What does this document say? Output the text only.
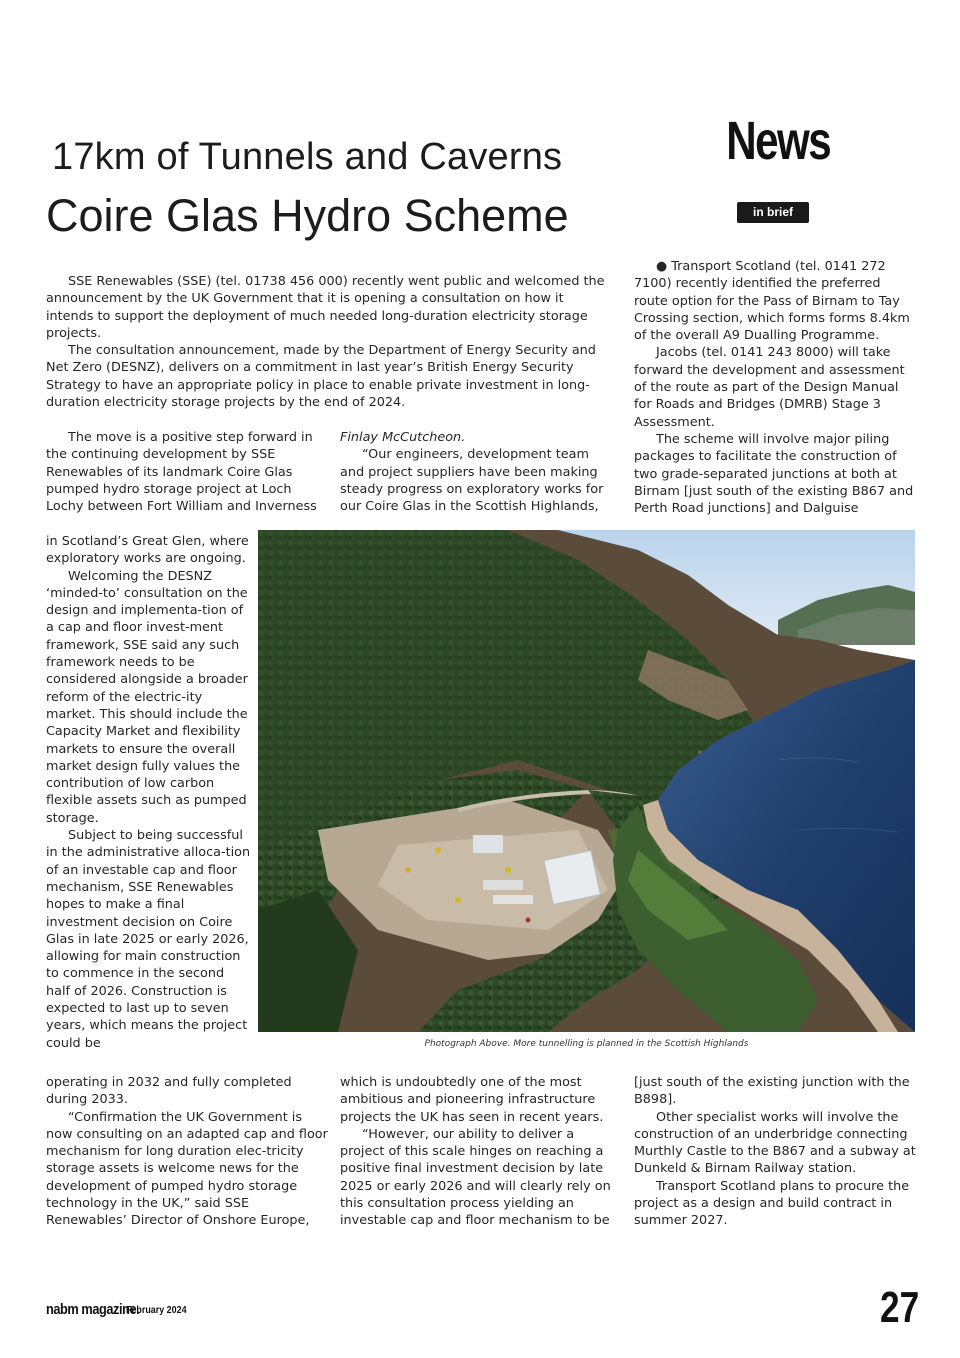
17km of Tunnels and Caverns
Coire Glas Hydro Scheme
News
in brief

SSE Renewables (SSE) (tel. 01738 456 000) recently went public and welcomed the announcement by the UK Government that it is opening a consultation on how it intends to support the deployment of much needed long-duration electricity storage projects.

The consultation announcement, made by the Department of Energy Security and Net Zero (DESNZ), delivers on a commitment in last year’s British Energy Security Strategy to have an appropriate policy in place to enable private investment in long-duration electricity storage projects by the end of 2024.

The move is a positive step forward in the continuing development by SSE Renewables of its landmark Coire Glas pumped hydro storage project at Loch Lochy between Fort William and Inverness

in Scotland’s Great Glen, where exploratory works are ongoing.

Welcoming the DESNZ ‘minded-to’ consultation on the design and implementa-tion of a cap and floor invest-ment framework, SSE said any such framework needs to be considered alongside a broader reform of the electric-ity market. This should include the Capacity Market and flexibility markets to ensure the overall market design fully values the contribution of low carbon flexible assets such as pumped storage.

Subject to being successful in the administrative alloca-tion of an investable cap and floor mechanism, SSE Renewables hopes to make a final investment decision on Coire Glas in late 2025 or early 2026, allowing for main construction to commence in the second half of 2026. Construction is expected to last up to seven years, which means the project could be

operating in 2032 and fully completed during 2033.

“Confirmation the UK Government is now consulting on an adapted cap and floor mechanism for long duration elec-tricity storage assets is welcome news for the development of pumped hydro storage technology in the UK,” said SSE Renewables’ Director of Onshore Europe,

Finlay McCutcheon.

“Our engineers, development team and project suppliers have been making steady progress on exploratory works for our Coire Glas in the Scottish Highlands,

which is undoubtedly one of the most ambitious and pioneering infrastructure projects the UK has seen in recent years.

“However, our ability to deliver a project of this scale hinges on reaching a positive final investment decision by late 2025 or early 2026 and will clearly rely on this consultation process yielding an investable cap and floor mechanism to be

● Transport Scotland (tel. 0141 272 7100) recently identified the preferred route option for the Pass of Birnam to Tay Crossing section, which forms forms 8.4km of the overall A9 Dualling Programme.

Jacobs (tel. 0141 243 8000) will take forward the development and assessment of the route as part of the Design Manual for Roads and Bridges (DMRB) Stage 3 Assessment.

The scheme will involve major piling packages to facilitate the construction of two grade-separated junctions at both at Birnam [just south of the existing B867 and Perth Road junctions] and Dalguise

[just south of the existing junction with the B898].

Other specialist works will involve the construction of an underbridge connecting Murthly Castle to the B867 and a subway at Dunkeld & Birnam Railway station.

Transport Scotland plans to procure the project as a design and build contract in summer 2027.

Photograph Above. More tunnelling is planned in the Scottish Highlands
nabm magazine.
February 2024	27
